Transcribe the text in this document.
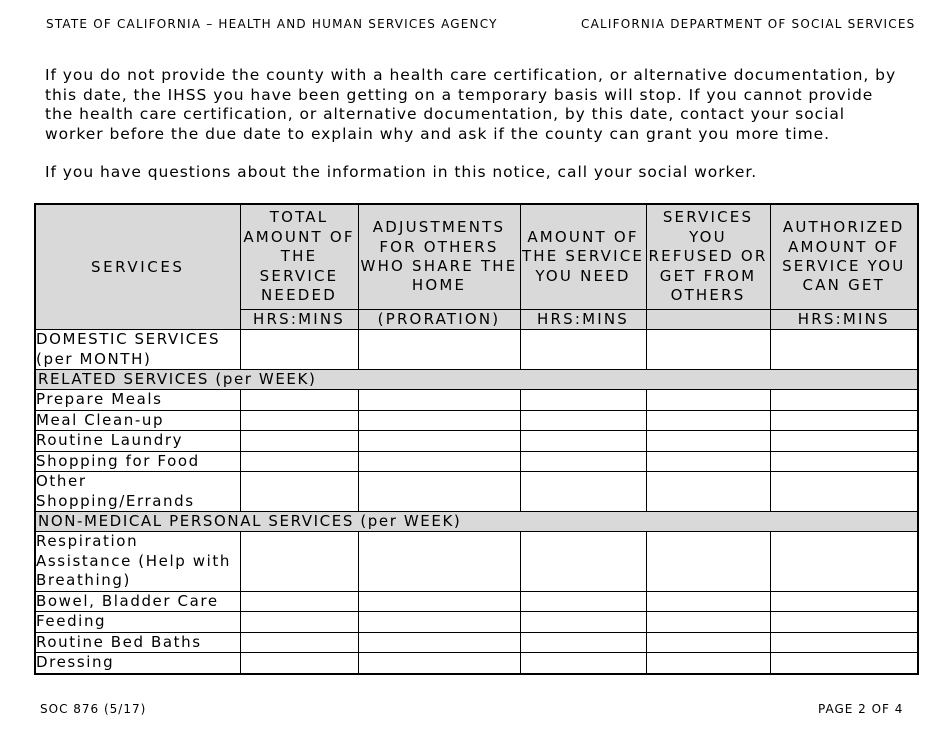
STATE OF CALIFORNIA – HEALTH AND HUMAN SERVICES AGENCY	CALIFORNIA DEPARTMENT OF SOCIAL SERVICES

If you do not provide the county with a health care certification, or alternative documentation, by this date, the IHSS you have been getting on a temporary basis will stop. If you cannot provide the health care certification, or alternative documentation, by this date, contact your social worker before the due date to explain why and ask if the county can grant you more time.

If you have questions about the information in this notice, call your social worker.

SERVICES	TOTAL AMOUNT OF THE SERVICE NEEDED	ADJUSTMENTS FOR OTHERS WHO SHARE THE HOME	AMOUNT OF THE SERVICE YOU NEED	SERVICES YOU REFUSED OR GET FROM OTHERS	AUTHORIZED AMOUNT OF SERVICE YOU CAN GET
	HRS:MINS	(PRORATION)	HRS:MINS		HRS:MINS
DOMESTIC SERVICES (per MONTH)					
RELATED SERVICES (per WEEK)					
Prepare Meals					
Meal Clean-up					
Routine Laundry					
Shopping for Food					
Other Shopping/Errands					
NON-MEDICAL PERSONAL SERVICES (per WEEK)					
Respiration Assistance (Help with Breathing)					
Bowel, Bladder Care					
Feeding					
Routine Bed Baths					
Dressing					
SOC 876 (5/17)	PAGE 2 OF 4
